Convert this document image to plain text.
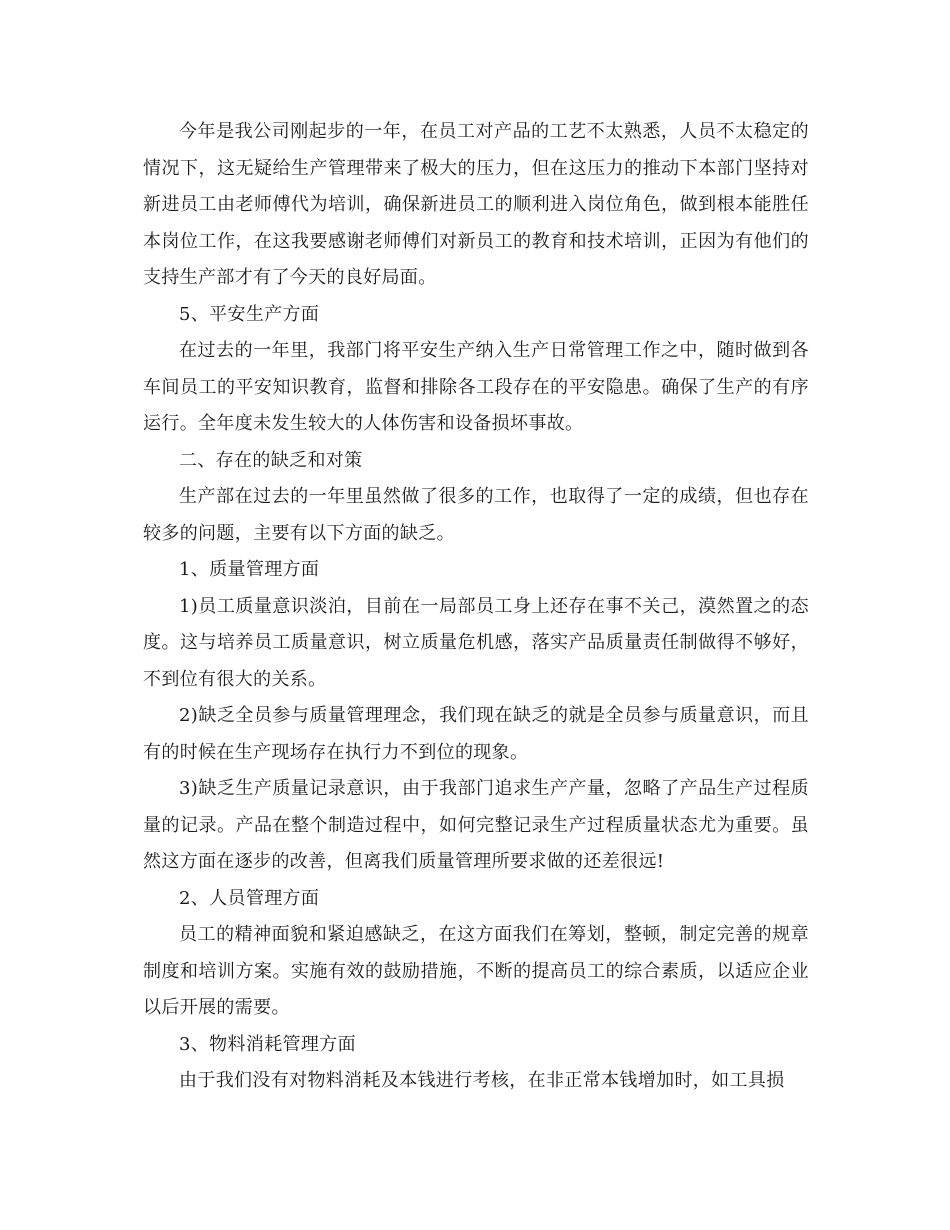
今年是我公司刚起步的一年，在员工对产品的工艺不太熟悉，人员不太稳定的情况下，这无疑给生产管理带来了极大的压力，但在这压力的推动下本部门坚持对新进员工由老师傅代为培训，确保新进员工的顺利进入岗位角色，做到根本能胜任本岗位工作，在这我要感谢老师傅们对新员工的教育和技术培训，正因为有他们的支持生产部才有了今天的良好局面。

5、平安生产方面

在过去的一年里，我部门将平安生产纳入生产日常管理工作之中，随时做到各车间员工的平安知识教育，监督和排除各工段存在的平安隐患。确保了生产的有序运行。全年度未发生较大的人体伤害和设备损坏事故。

二、存在的缺乏和对策

生产部在过去的一年里虽然做了很多的工作，也取得了一定的成绩，但也存在较多的问题，主要有以下方面的缺乏。

1、质量管理方面

1)员工质量意识淡泊，目前在一局部员工身上还存在事不关己，漠然置之的态度。这与培养员工质量意识，树立质量危机感，落实产品质量责任制做得不够好，不到位有很大的关系。

2)缺乏全员参与质量管理理念，我们现在缺乏的就是全员参与质量意识，而且有的时候在生产现场存在执行力不到位的现象。

3)缺乏生产质量记录意识，由于我部门追求生产产量，忽略了产品生产过程质量的记录。产品在整个制造过程中，如何完整记录生产过程质量状态尤为重要。虽然这方面在逐步的改善，但离我们质量管理所要求做的还差很远!

2、人员管理方面

员工的精神面貌和紧迫感缺乏，在这方面我们在筹划，整顿，制定完善的规章制度和培训方案。实施有效的鼓励措施，不断的提高员工的综合素质，以适应企业以后开展的需要。

3、物料消耗管理方面

由于我们没有对物料消耗及本钱进行考核，在非正常本钱增加时，如工具损
